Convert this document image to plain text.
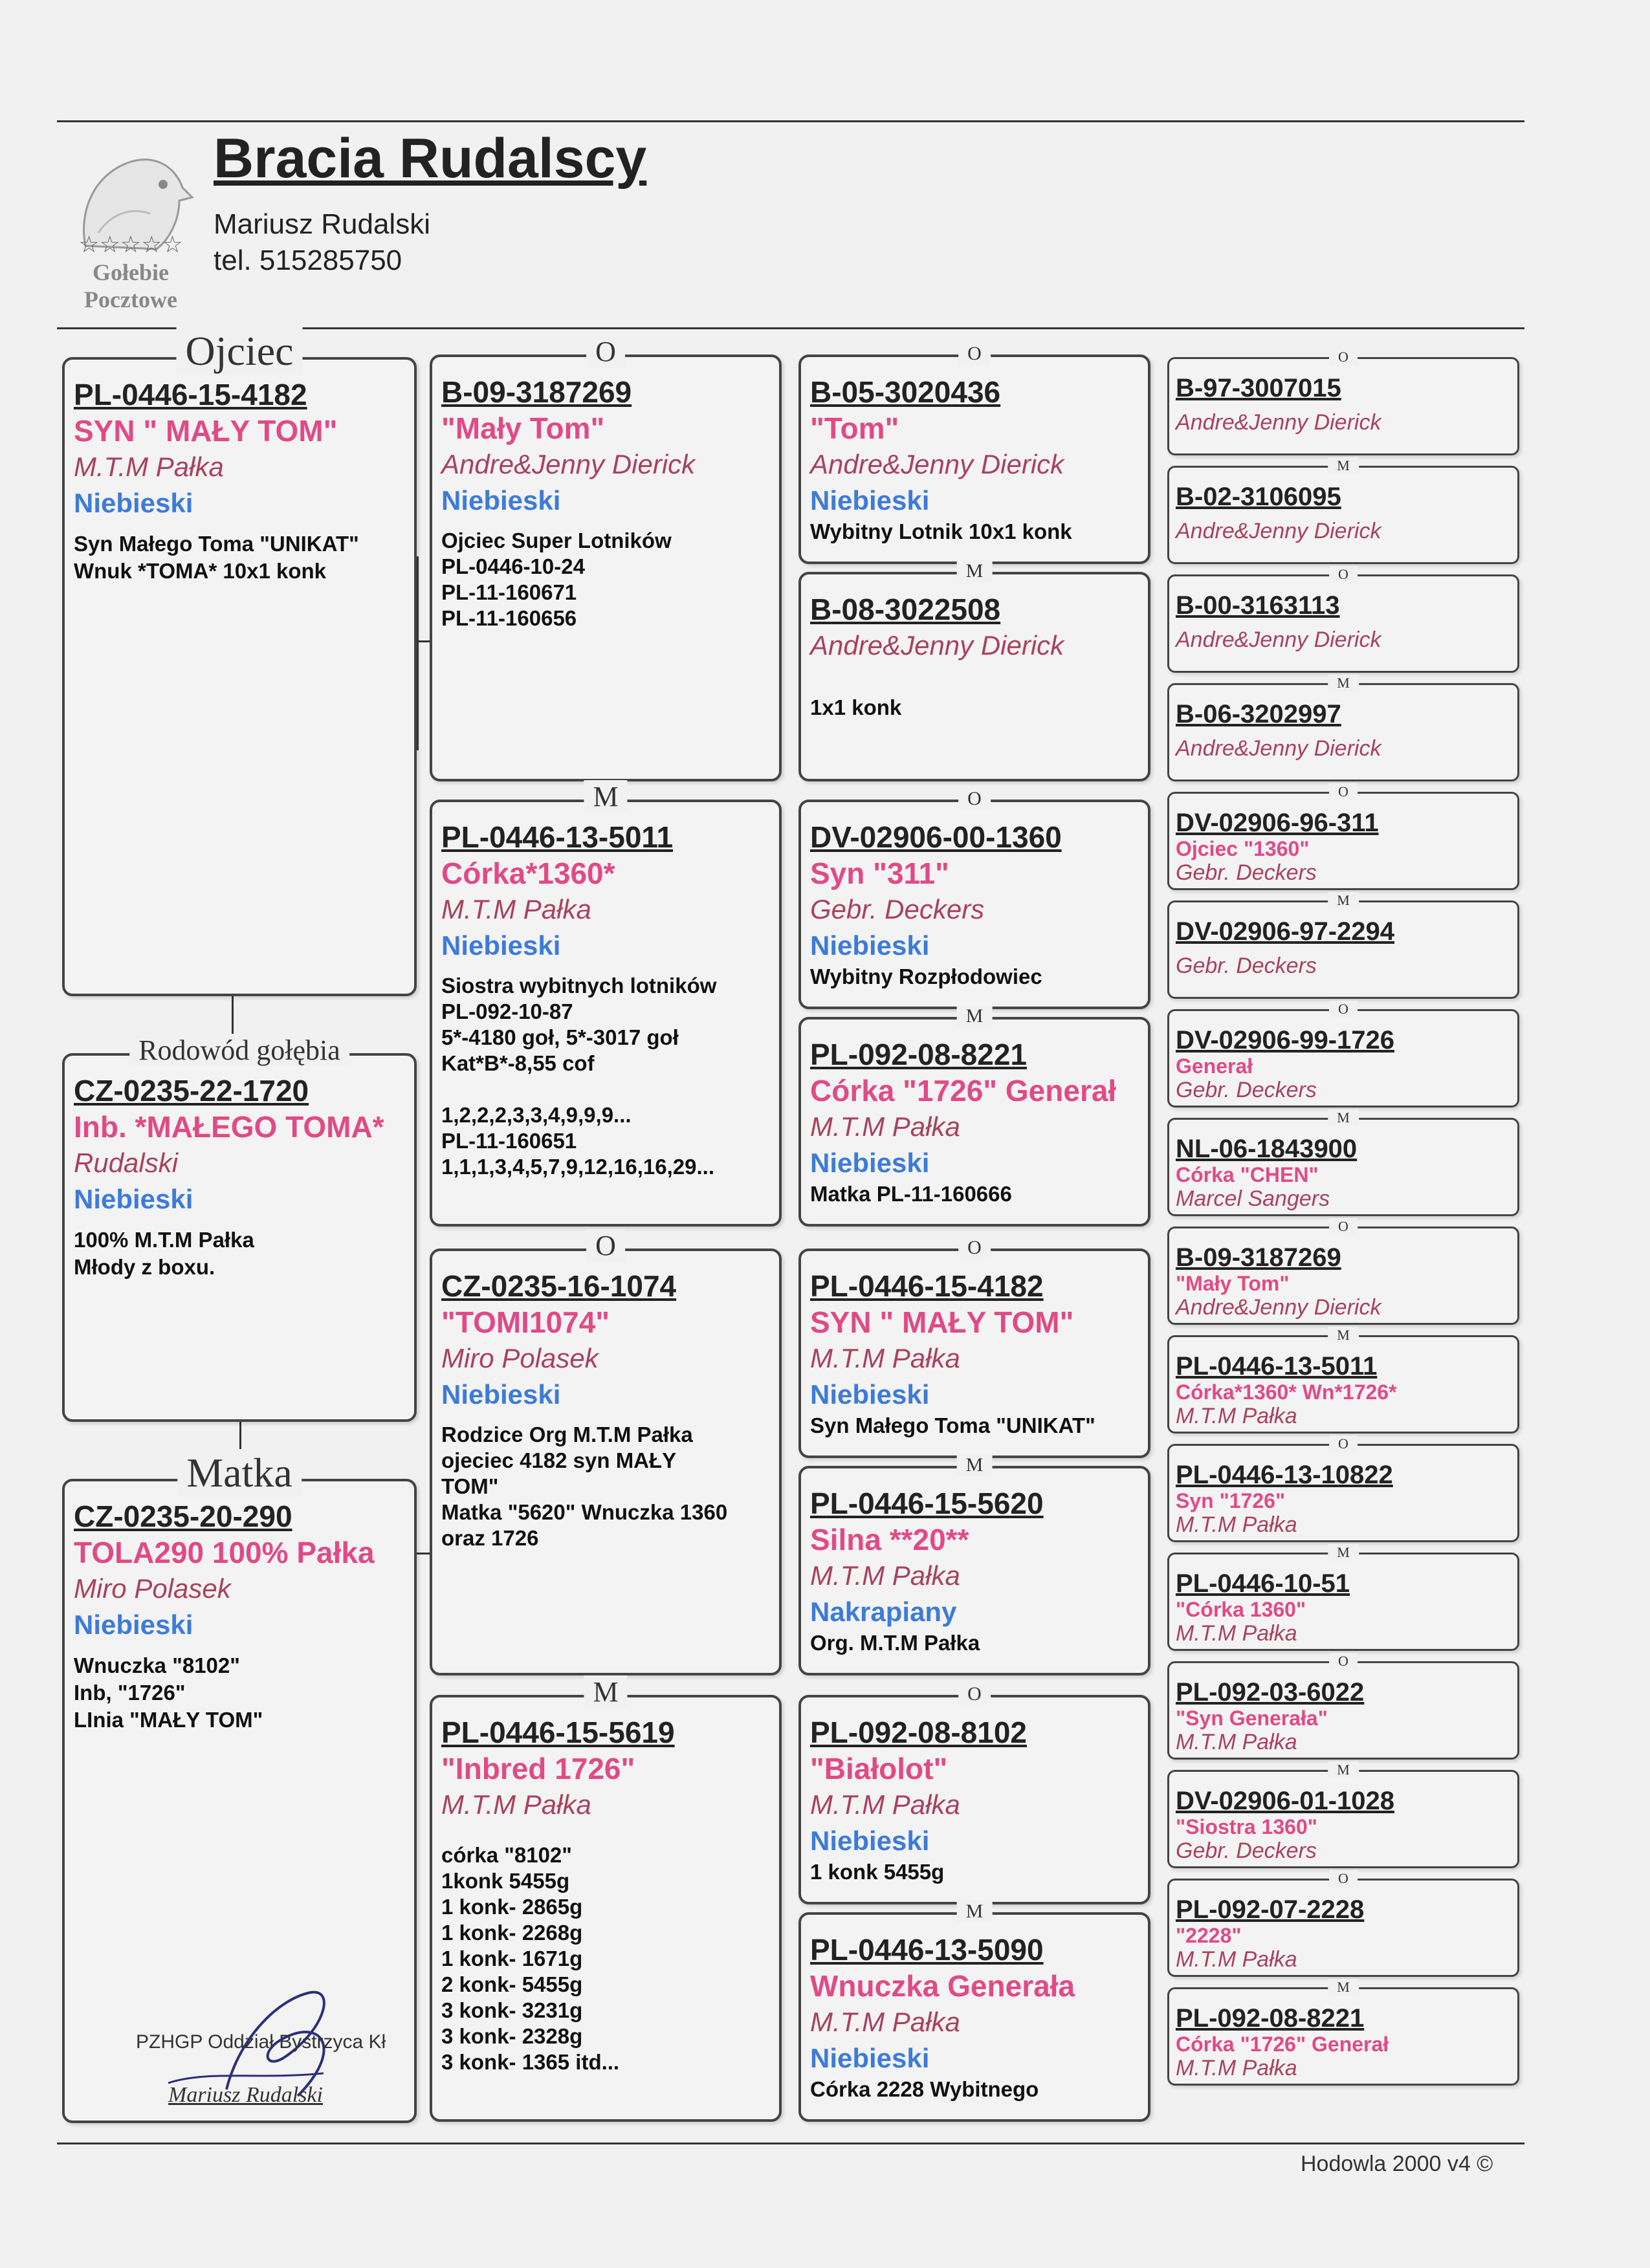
☆☆☆☆☆
Gołebie
Pocztowe
Bracia Rudalscy
Mariusz Rudalski
tel. 515285750
Ojciec
PL-0446-15-4182
SYN " MAŁY TOM"
M.T.M Pałka
Niebieski
Syn Małego Toma "UNIKAT"
Wnuk *TOMA* 10x1 konk
Rodowód gołębia
CZ-0235-22-1720
Inb. *MAŁEGO TOMA*
Rudalski
Niebieski
100% M.T.M Pałka
Młody z boxu.
Matka
CZ-0235-20-290
TOLA290 100% Pałka
Miro Polasek
Niebieski
Wnuczka "8102"
Inb, "1726"
LInia "MAŁY TOM"
PZHGP Oddział Bystrzyca Kł
Mariusz Rudalski
O
B-09-3187269
"Mały Tom"
Andre&Jenny Dierick
Niebieski
Ojciec Super Lotników
PL-0446-10-24
PL-11-160671
PL-11-160656
M
PL-0446-13-5011
Córka*1360*
M.T.M Pałka
Niebieski
Siostra wybitnych lotników
PL-092-10-87
5*-4180 goł, 5*-3017 goł
Kat*B*-8,55 cof

1,2,2,2,3,3,4,9,9,9...
PL-11-160651
1,1,1,3,4,5,7,9,12,16,16,29...
O
CZ-0235-16-1074
"TOMI1074"
Miro Polasek
Niebieski
Rodzice Org M.T.M Pałka
ojeciec 4182 syn MAŁY
TOM"
Matka "5620" Wnuczka 1360
oraz 1726
M
PL-0446-15-5619
"Inbred 1726"
M.T.M Pałka
córka "8102"
1konk 5455g
1 konk- 2865g
1 konk- 2268g
1 konk- 1671g
2 konk- 5455g
3 konk- 3231g
3 konk- 2328g
3 konk- 1365 itd...
O
B-05-3020436
"Tom"
Andre&Jenny Dierick
Niebieski
Wybitny Lotnik 10x1 konk
M
B-08-3022508
Andre&Jenny Dierick
1x1 konk
O
DV-02906-00-1360
Syn "311"
Gebr. Deckers
Niebieski
Wybitny Rozpłodowiec
M
PL-092-08-8221
Córka "1726" Generał
M.T.M Pałka
Niebieski
Matka PL-11-160666
O
PL-0446-15-4182
SYN " MAŁY TOM"
M.T.M Pałka
Niebieski
Syn Małego Toma "UNIKAT"
M
PL-0446-15-5620
Silna **20**
M.T.M Pałka
Nakrapiany
Org. M.T.M Pałka
O
PL-092-08-8102
"Białolot"
M.T.M Pałka
Niebieski
1 konk 5455g
M
PL-0446-13-5090
Wnuczka Generała
M.T.M Pałka
Niebieski
Córka 2228 Wybitnego
O
B-97-3007015
Andre&Jenny Dierick
M
B-02-3106095
Andre&Jenny Dierick
O
B-00-3163113
Andre&Jenny Dierick
M
B-06-3202997
Andre&Jenny Dierick
O
DV-02906-96-311
Ojciec "1360"
Gebr. Deckers
M
DV-02906-97-2294
Gebr. Deckers
O
DV-02906-99-1726
Generał
Gebr. Deckers
M
NL-06-1843900
Córka "CHEN"
Marcel Sangers
O
B-09-3187269
"Mały Tom"
Andre&Jenny Dierick
M
PL-0446-13-5011
Córka*1360* Wn*1726*
M.T.M Pałka
O
PL-0446-13-10822
Syn "1726"
M.T.M Pałka
M
PL-0446-10-51
"Córka 1360"
M.T.M Pałka
O
PL-092-03-6022
"Syn Generała"
M.T.M Pałka
M
DV-02906-01-1028
"Siostra 1360"
Gebr. Deckers
O
PL-092-07-2228
"2228"
M.T.M Pałka
M
PL-092-08-8221
Córka "1726" Generał
M.T.M Pałka
Hodowla 2000 v4 ©
